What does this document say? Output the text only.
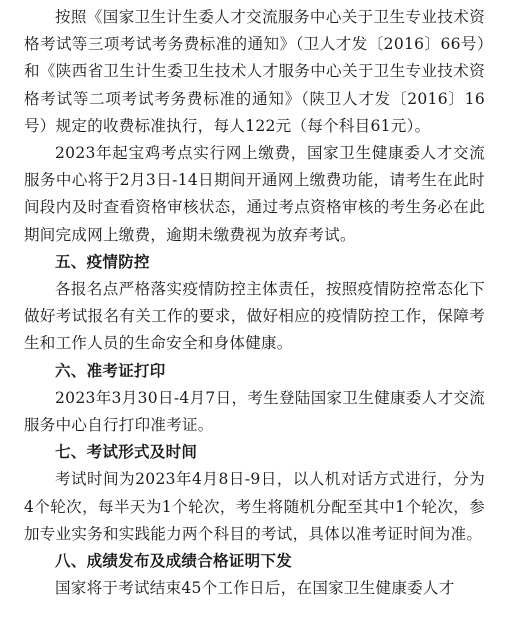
按照《国家卫生计生委人才交流服务中心关于卫生专业技术资格考试等三项考试考务费标准的通知》（卫人才发〔2016〕66号）和《陕西省卫生计生委卫生技术人才服务中心关于卫生专业技术资格考试等二项考试考务费标准的通知》（陕卫人才发〔2016〕16号）规定的收费标准执行，每人122元（每个科目61元）。

2023年起宝鸡考点实行网上缴费，国家卫生健康委人才交流服务中心将于2月3日-14日期间开通网上缴费功能，请考生在此时间段内及时查看资格审核状态，通过考点资格审核的考生务必在此期间完成网上缴费，逾期未缴费视为放弃考试。

五、疫情防控

各报名点严格落实疫情防控主体责任，按照疫情防控常态化下做好考试报名有关工作的要求，做好相应的疫情防控工作，保障考生和工作人员的生命安全和身体健康。

六、准考证打印

2023年3月30日-4月7日，考生登陆国家卫生健康委人才交流服务中心自行打印准考证。

七、考试形式及时间

考试时间为2023年4月8日-9日，以人机对话方式进行，分为4个轮次，每半天为1个轮次，考生将随机分配至其中1个轮次，参加专业实务和实践能力两个科目的考试，具体以准考证时间为准。

八、成绩发布及成绩合格证明下发

国家将于考试结束45个工作日后，在国家卫生健康委人才
